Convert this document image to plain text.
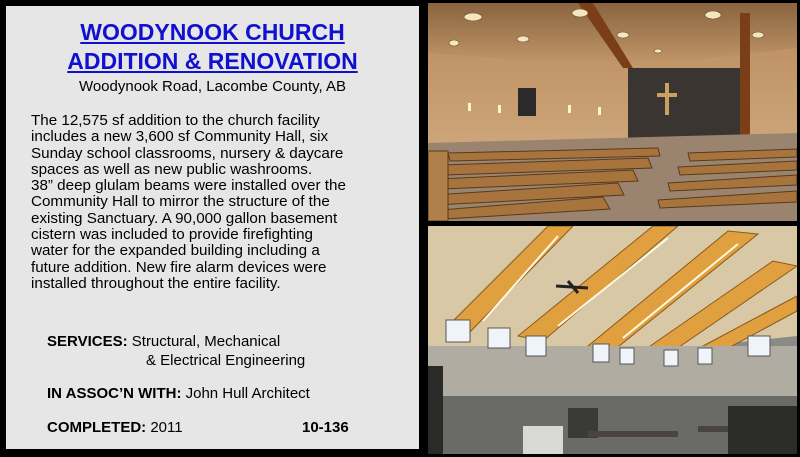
WOODYNOOK CHURCH
ADDITION & RENOVATION
Woodynook Road, Lacombe County, AB
The 12,575 sf addition to the church facility
includes a new 3,600 sf Community Hall, six
Sunday school classrooms, nursery & daycare
spaces as well as new public washrooms.
38” deep glulam beams were installed over the
Community Hall to mirror the structure of the
existing Sanctuary. A 90,000 gallon basement
cistern was included to provide firefighting
water for the expanded building including a
future addition. New fire alarm devices were
installed throughout the entire facility.
SERVICES: Structural, Mechanical
& Electrical Engineering
IN ASSOC’N WITH: John Hull Architect
COMPLETED: 2011	10-136
